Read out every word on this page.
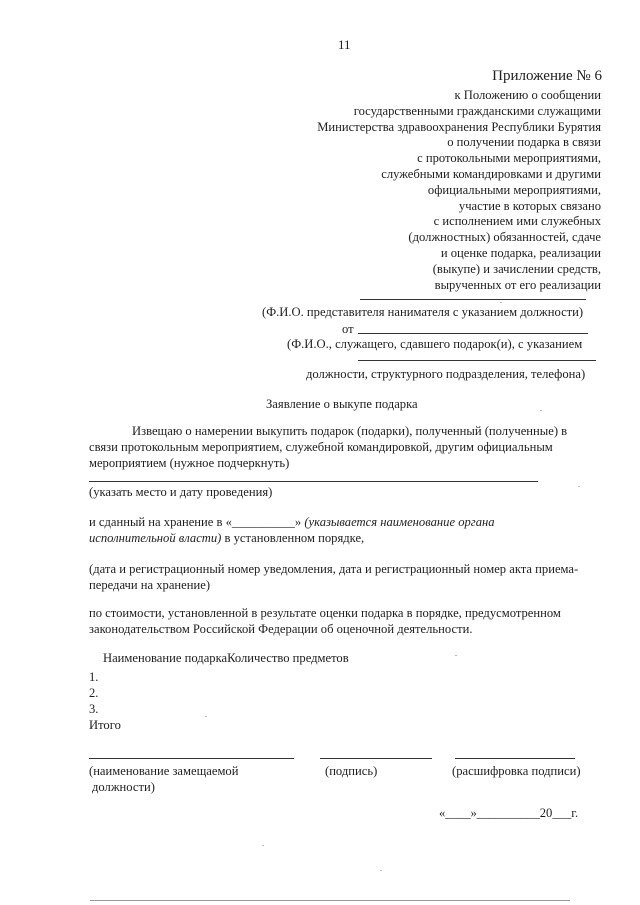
11
Приложение № 6
к Положению о сообщении
государственными гражданскими служащими
Министерства здравоохранения Республики Бурятия
о получении подарка в связи
с протокольными мероприятиями,
служебными командировками и другими
официальными мероприятиями,
участие в которых связано
с исполнением ими служебных
(должностных) обязанностей, сдаче
и оценке подарка, реализации
(выкупе) и зачислении средств,
вырученных от его реализации
(Ф.И.О. представителя нанимателя с указанием должности)
от
(Ф.И.О., служащего, сдавшего подарок(и), с указанием
должности, структурного подразделения, телефона)
Заявление о выкупе подарка
Извещаю о намерении выкупить подарок (подарки), полученный (полученные) в
связи протокольным мероприятием, служебной командировкой, другим официальным
мероприятием (нужное подчеркнуть)
(указать место и дату проведения)
и сданный на хранение в «__________» (указывается наименование органа
исполнительной власти) в установленном порядке,
(дата и регистрационный номер уведомления, дата и регистрационный номер акта приема-
передачи на хранение)
по стоимости, установленной в результате оценки подарка в порядке, предусмотренном
законодательством Российской Федерации об оценочной деятельности.
Наименование подаркаКоличество предметов
1.
2.
3.
Итого
(наименование замещаемой
должности)
(подпись)	(расшифровка подписи)
«____»__________20___г.
